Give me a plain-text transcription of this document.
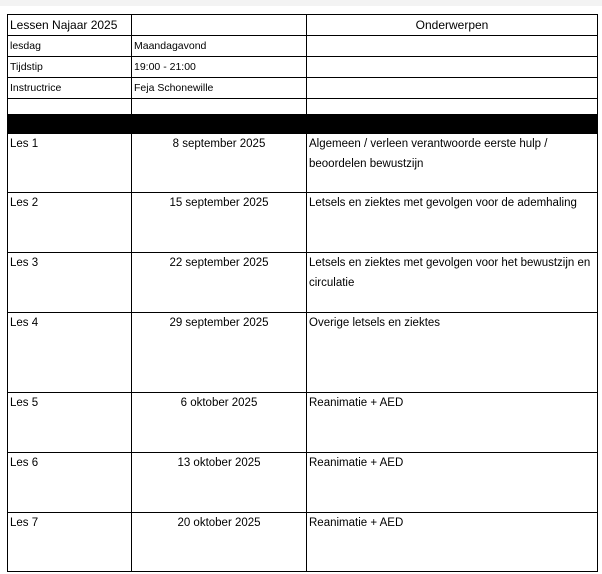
Lessen Najaar 2025		Onderwerpen
lesdag	Maandagavond	
Tijdstip	19:00 - 21:00	
Instructrice	Feja Schonewille	

Les 1	8 september 2025	Algemeen / verleen verantwoorde eerste hulp / beoordelen bewustzijn
Les 2	15 september 2025	Letsels en ziektes met gevolgen voor de ademhaling
Les 3	22 september 2025	Letsels en ziektes met gevolgen voor het bewustzijn en circulatie
Les 4	29 september 2025	Overige letsels en ziektes
Les 5	6 oktober 2025	Reanimatie + AED
Les 6	13 oktober 2025	Reanimatie + AED
Les 7	20 oktober 2025	Reanimatie + AED
